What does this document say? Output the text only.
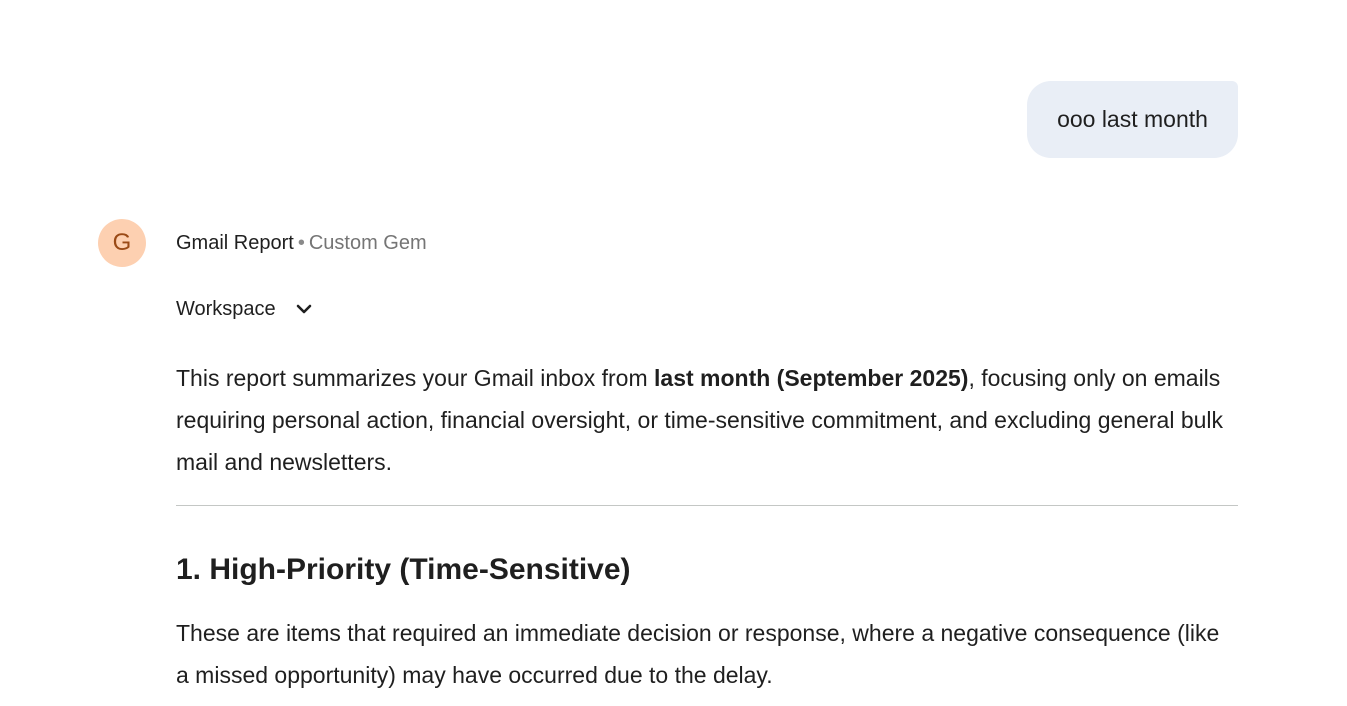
ooo last month
G Gmail Report • Custom Gem
Workspace

This report summarizes your Gmail inbox from last month (September 2025), focusing only on emails requiring personal action, financial oversight, or time-sensitive commitment, and excluding general bulk mail and newsletters.

1. High-Priority (Time-Sensitive)

These are items that required an immediate decision or response, where a negative consequence (like a missed opportunity) may have occurred due to the delay.
